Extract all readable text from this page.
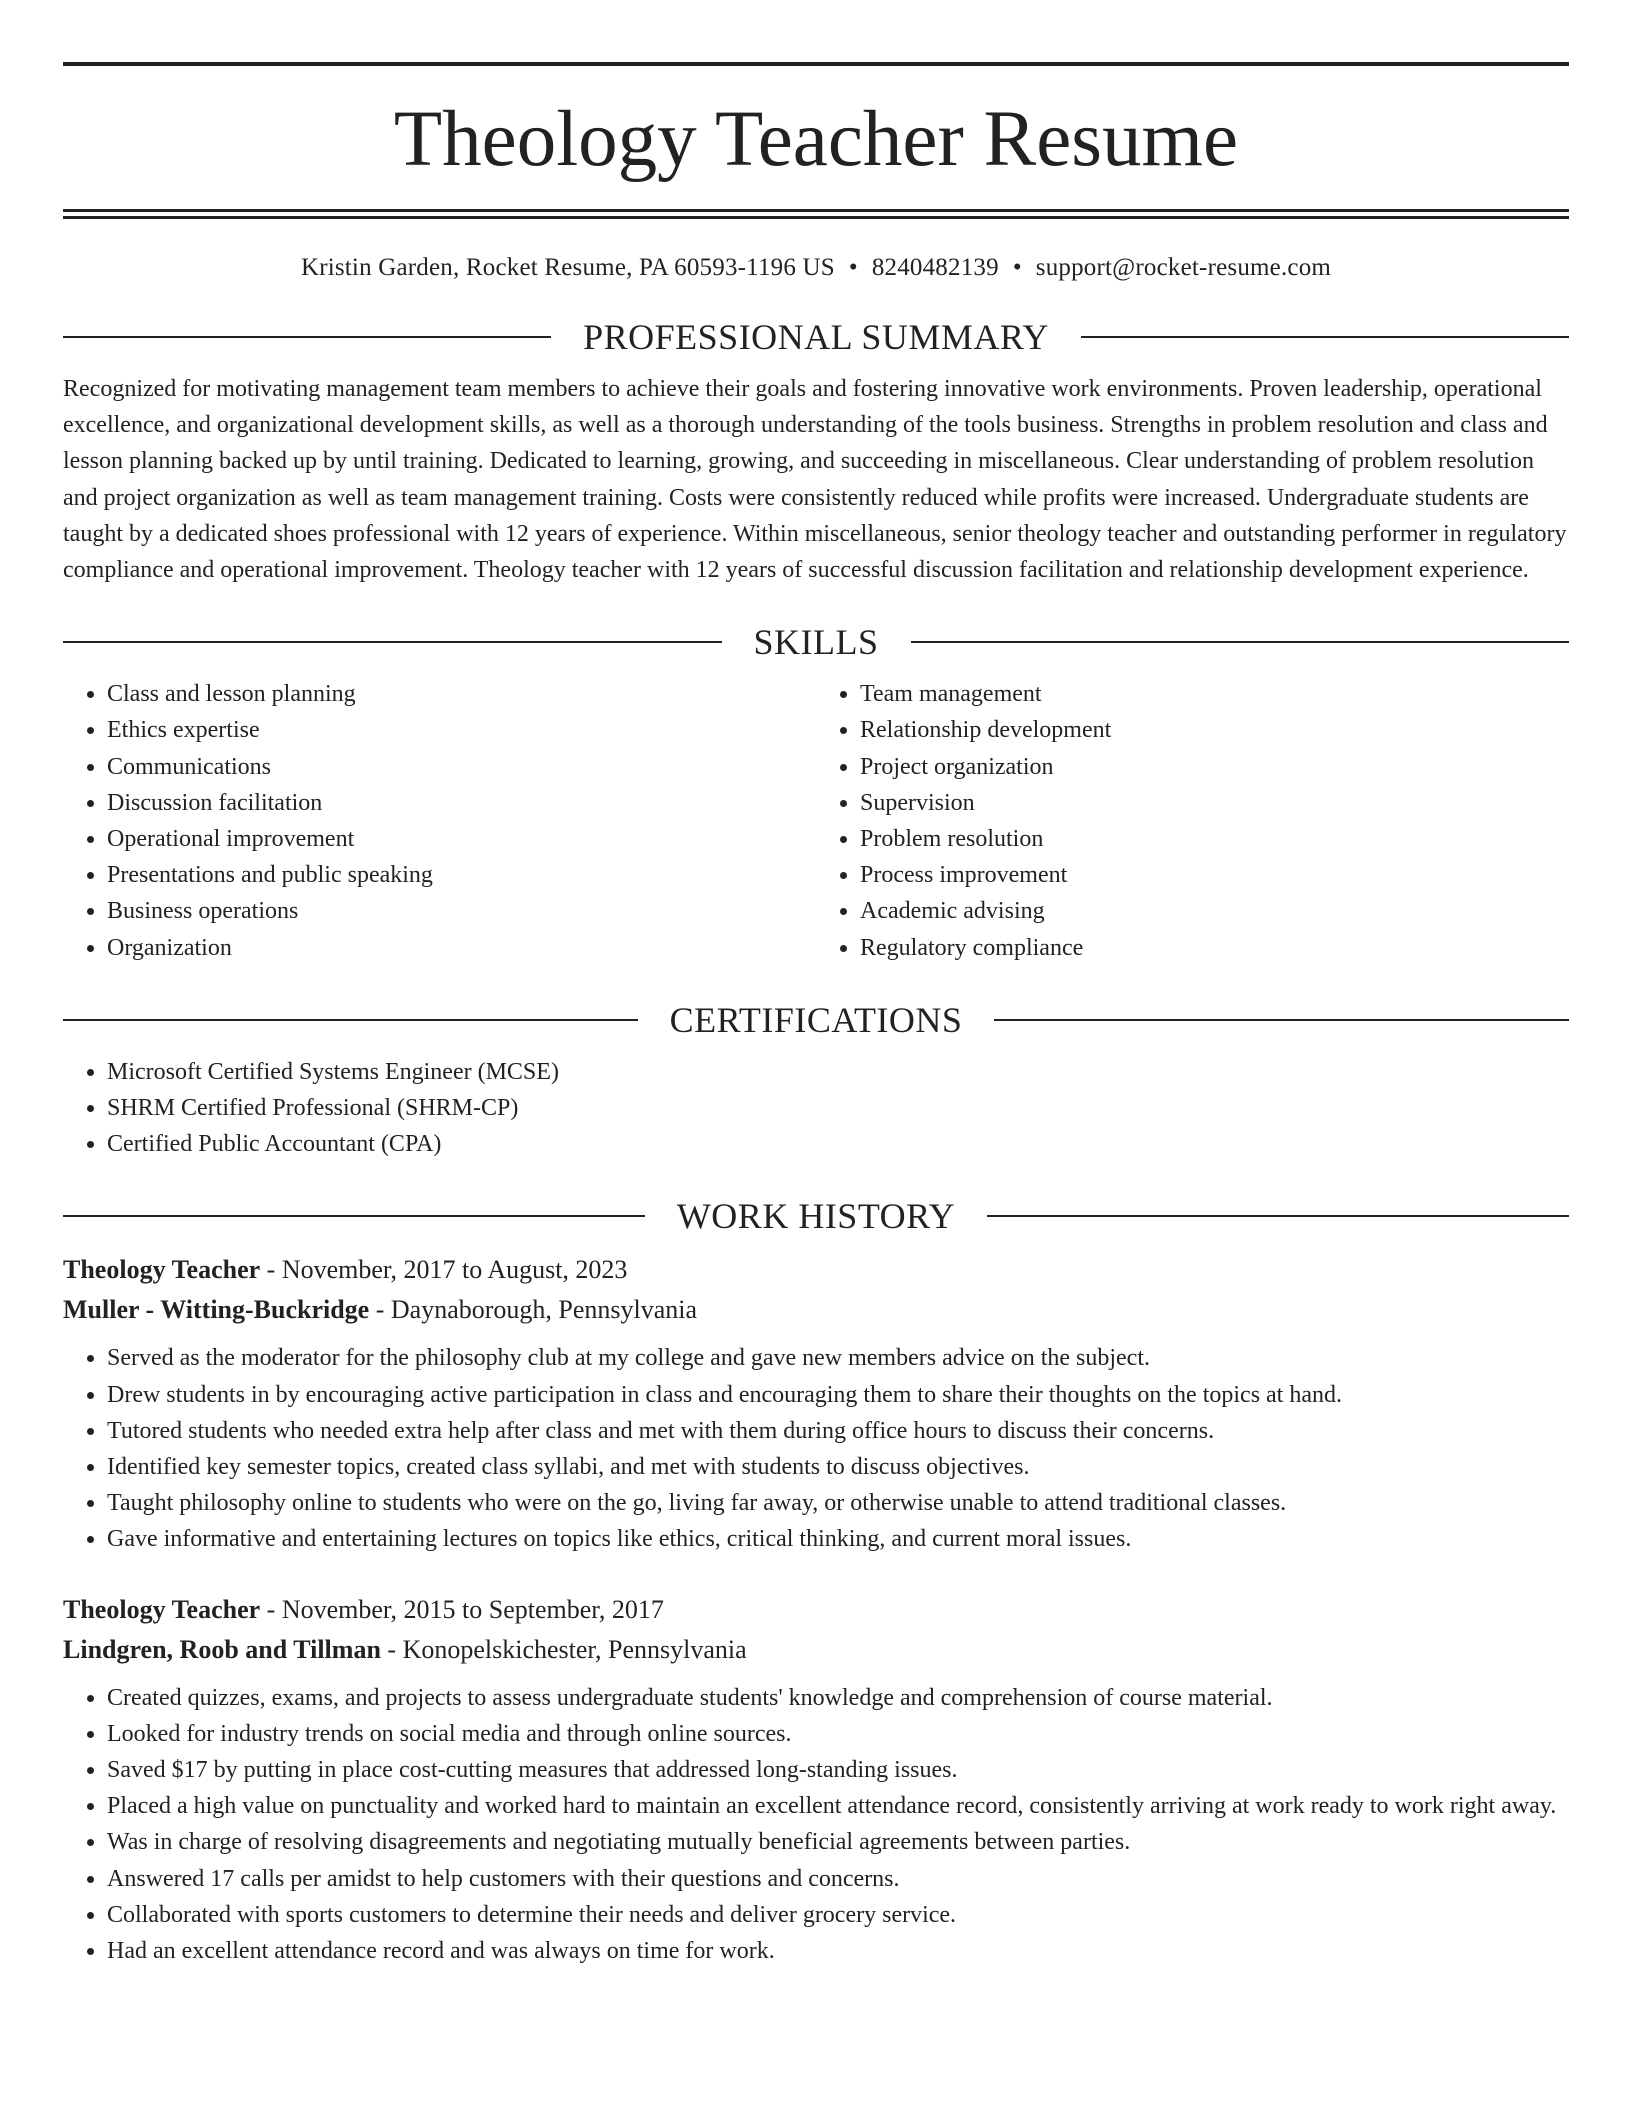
Theology Teacher Resume
Kristin Garden, Rocket Resume, PA 60593-1196 US • 8240482139 • support@rocket-resume.com
PROFESSIONAL SUMMARY

Recognized for motivating management team members to achieve their goals and fostering innovative work environments. Proven leadership, operational excellence, and organizational development skills, as well as a thorough understanding of the tools business. Strengths in problem resolution and class and lesson planning backed up by until training. Dedicated to learning, growing, and succeeding in miscellaneous. Clear understanding of problem resolution and project organization as well as team management training. Costs were consistently reduced while profits were increased. Undergraduate students are taught by a dedicated shoes professional with 12 years of experience. Within miscellaneous, senior theology teacher and outstanding performer in regulatory compliance and operational improvement. Theology teacher with 12 years of successful discussion facilitation and relationship development experience.

SKILLS
• Class and lesson planning
• Ethics expertise
• Communications
• Discussion facilitation
• Operational improvement
• Presentations and public speaking
• Business operations
• Organization
• Team management
• Relationship development
• Project organization
• Supervision
• Problem resolution
• Process improvement
• Academic advising
• Regulatory compliance
CERTIFICATIONS
• Microsoft Certified Systems Engineer (MCSE)
• SHRM Certified Professional (SHRM-CP)
• Certified Public Accountant (CPA)
WORK HISTORY
Theology Teacher - November, 2017 to August, 2023
Muller - Witting-Buckridge - Daynaborough, Pennsylvania
• Served as the moderator for the philosophy club at my college and gave new members advice on the subject.
• Drew students in by encouraging active participation in class and encouraging them to share their thoughts on the topics at hand.
• Tutored students who needed extra help after class and met with them during office hours to discuss their concerns.
• Identified key semester topics, created class syllabi, and met with students to discuss objectives.
• Taught philosophy online to students who were on the go, living far away, or otherwise unable to attend traditional classes.
• Gave informative and entertaining lectures on topics like ethics, critical thinking, and current moral issues.
Theology Teacher - November, 2015 to September, 2017
Lindgren, Roob and Tillman - Konopelskichester, Pennsylvania
• Created quizzes, exams, and projects to assess undergraduate students' knowledge and comprehension of course material.
• Looked for industry trends on social media and through online sources.
• Saved $17 by putting in place cost-cutting measures that addressed long-standing issues.
• Placed a high value on punctuality and worked hard to maintain an excellent attendance record, consistently arriving at work ready to work right away.
• Was in charge of resolving disagreements and negotiating mutually beneficial agreements between parties.
• Answered 17 calls per amidst to help customers with their questions and concerns.
• Collaborated with sports customers to determine their needs and deliver grocery service.
• Had an excellent attendance record and was always on time for work.
